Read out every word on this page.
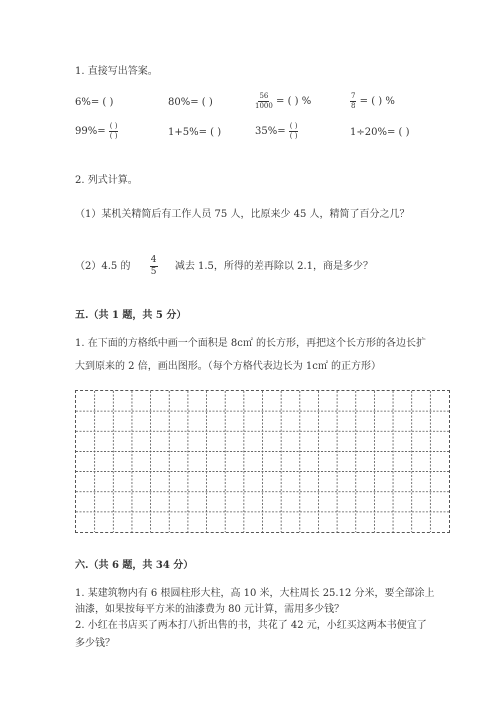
1. 直接写出答案。
6%= ( )	80%= ( )	$\frac{56}{1000}$ = ( ) %	$\frac{7}{8}$ = ( ) %
$99\%= \frac{( )}{( )}$	1+5%= ( )	$35\%= \frac{( )}{( )}$	1÷20%= ( )
2. 列式计算。
（1）某机关精简后有工作人员 75 人，比原来少 45 人，精简了百分之几？
（2）4.5 的 $\frac{4}{5}$ 减去 1.5，所得的差再除以 2.1，商是多少？
五.（共 1 题，共 5 分）
1. 在下面的方格纸中画一个面积是 8c㎡ 的长方形，再把这个长方形的各边长扩
大到原来的 2 倍，画出图形。（每个方格代表边长为 1c㎡ 的正方形）
六.（共 6 题，共 34 分）
1. 某建筑物内有 6 根圆柱形大柱，高 10 米，大柱周长 25.12 分米，要全部涂上
油漆，如果按每平方米的油漆费为 80 元计算，需用多少钱？
2. 小红在书店买了两本打八折出售的书，共花了 42 元，小红买这两本书便宜了
多少钱？
